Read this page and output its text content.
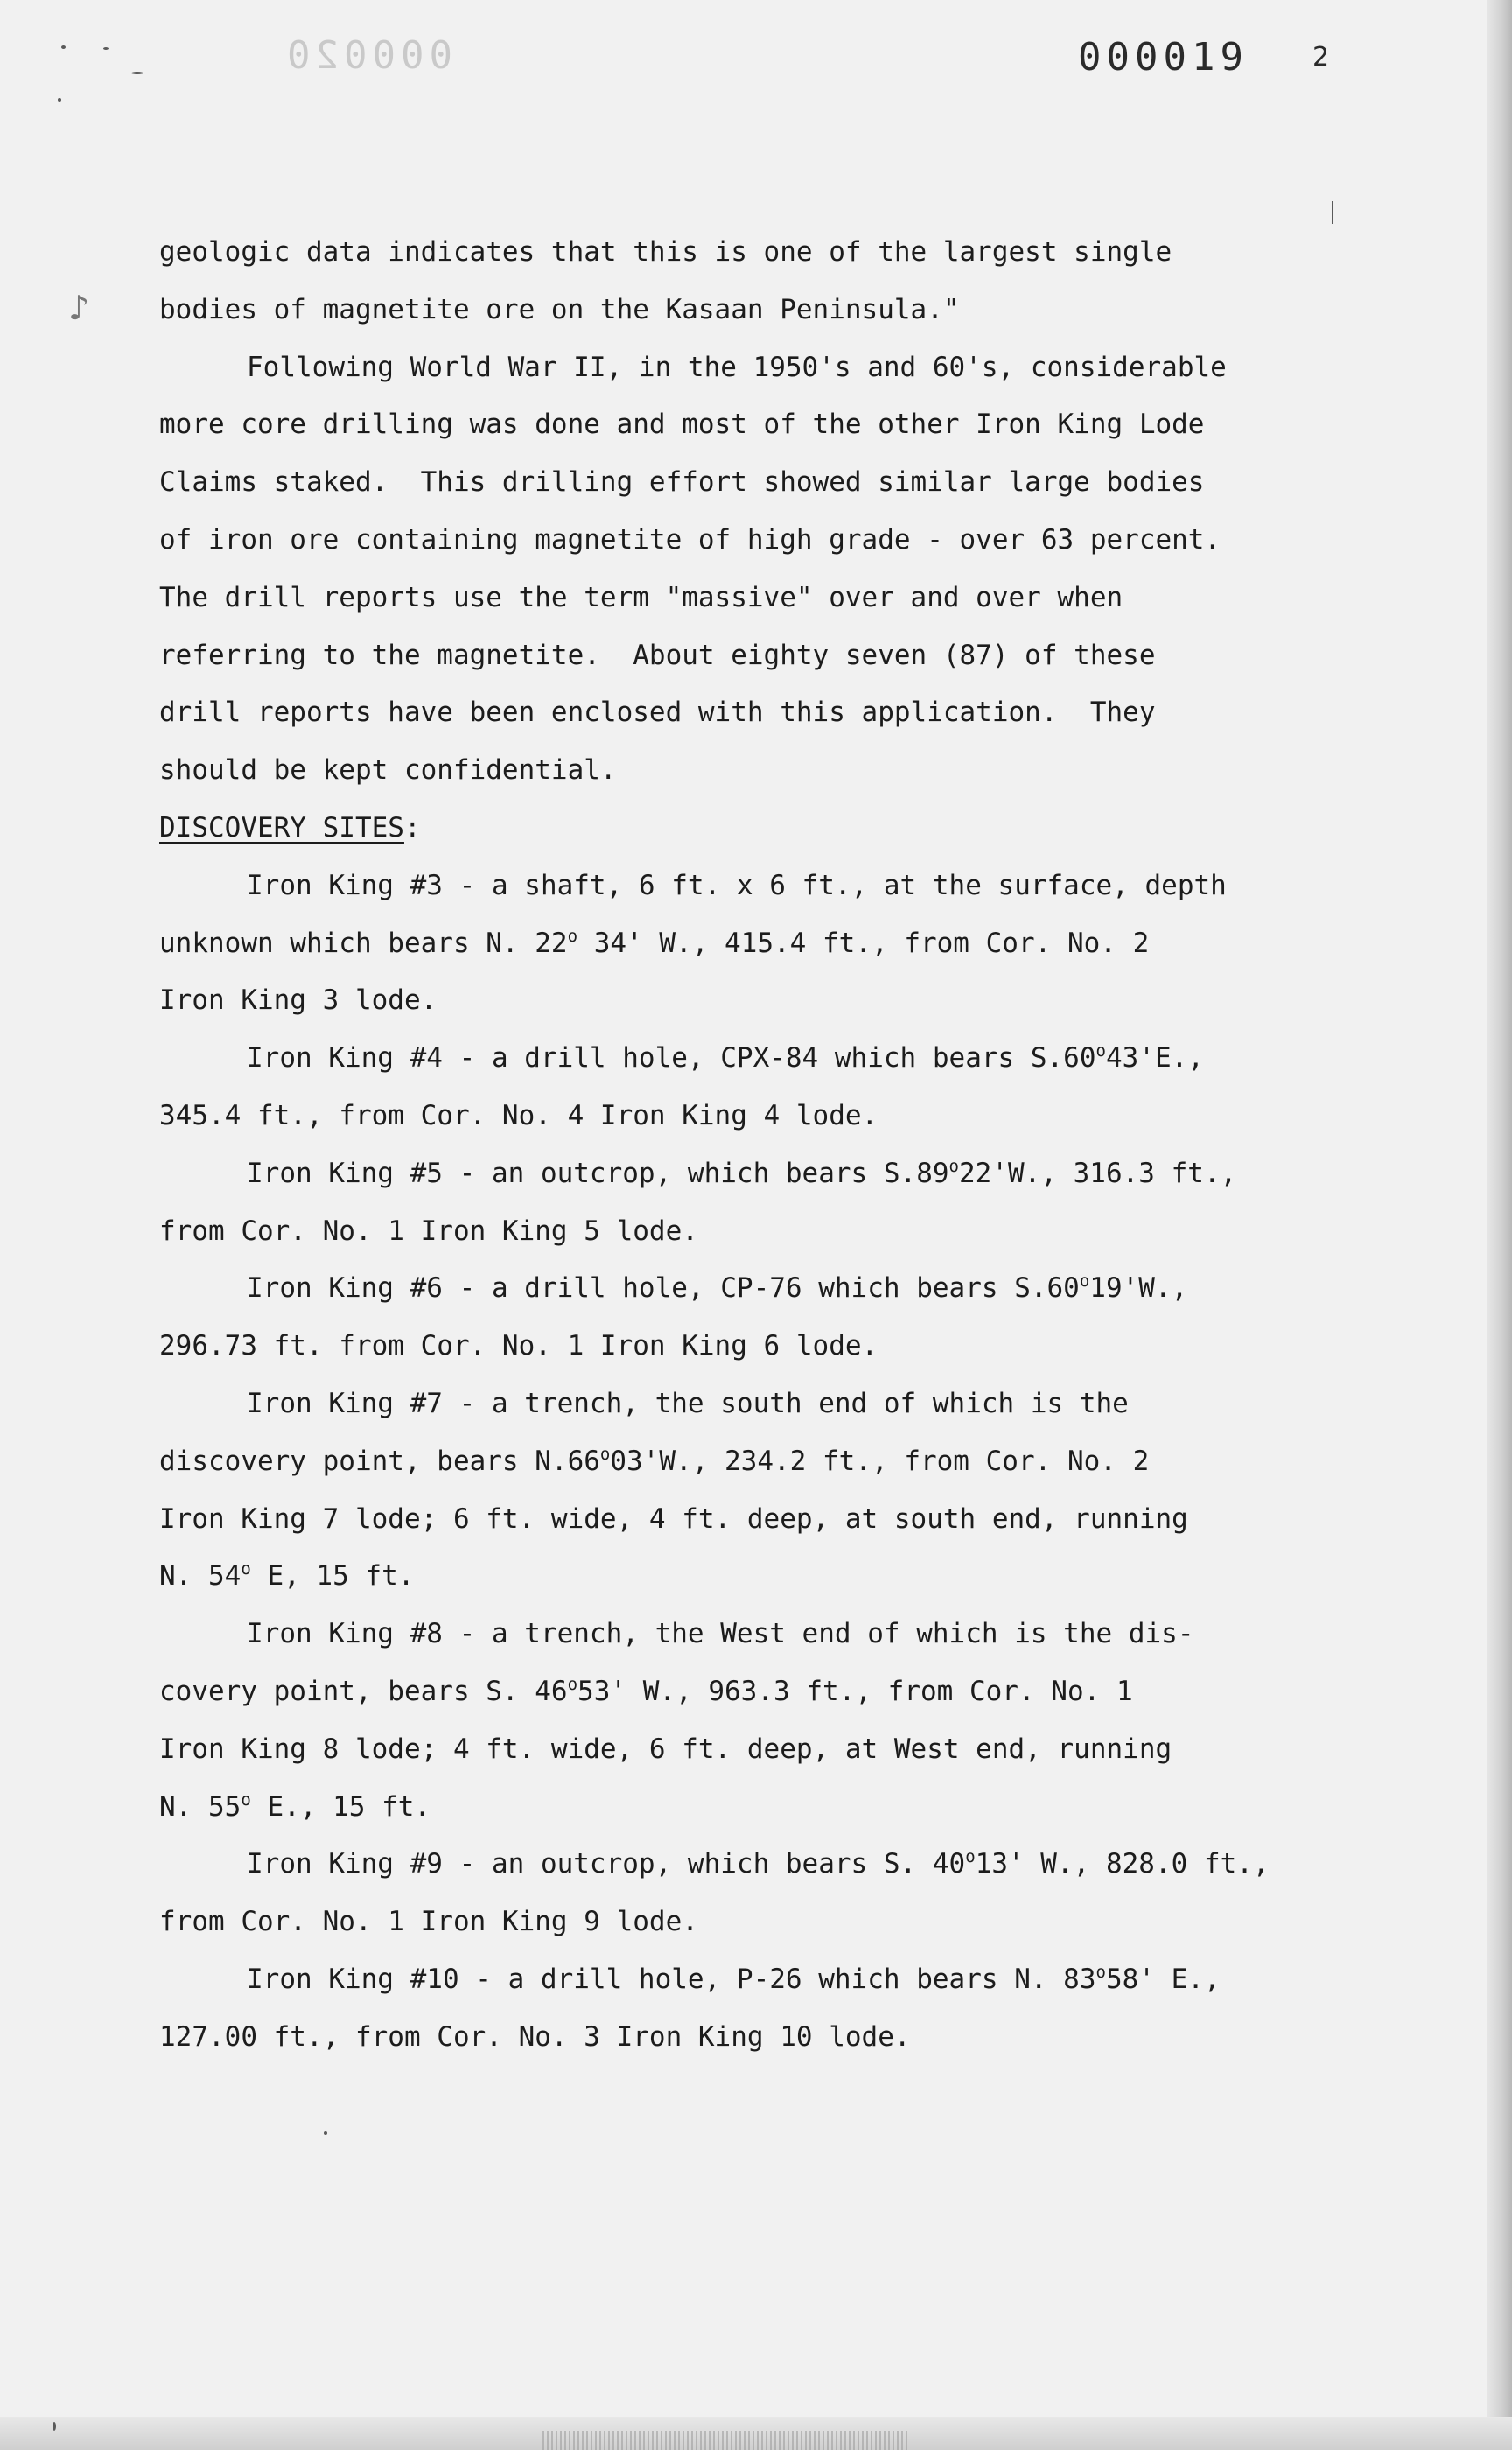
♪
000020	000019 2
geologic data indicates that this is one of the largest single
bodies of magnetite ore on the Kasaan Peninsula."
Following World War II, in the 1950's and 60's, considerable
more core drilling was done and most of the other Iron King Lode
Claims staked.  This drilling effort showed similar large bodies
of iron ore containing magnetite of high grade - over 63 percent.
The drill reports use the term "massive" over and over when
referring to the magnetite.  About eighty seven (87) of these
drill reports have been enclosed with this application.  They
should be kept confidential.
DISCOVERY SITES:
Iron King #3 - a shaft, 6 ft. x 6 ft., at the surface, depth
unknown which bears N. 22$^o$ 34' W., 415.4 ft., from Cor. No. 2
Iron King 3 lode.
Iron King #4 - a drill hole, CPX-84 which bears S.60$^o$43'E.,
345.4 ft., from Cor. No. 4 Iron King 4 lode.
Iron King #5 - an outcrop, which bears S.89$^o$22'W., 316.3 ft.,
from Cor. No. 1 Iron King 5 lode.
Iron King #6 - a drill hole, CP-76 which bears S.60$^o$19'W.,
296.73 ft. from Cor. No. 1 Iron King 6 lode.
Iron King #7 - a trench, the south end of which is the
discovery point, bears N.66$^o$03'W., 234.2 ft., from Cor. No. 2
Iron King 7 lode; 6 ft. wide, 4 ft. deep, at south end, running
N. 54$^o$ E, 15 ft.
Iron King #8 - a trench, the West end of which is the dis-
covery point, bears S. 46$^o$53' W., 963.3 ft., from Cor. No. 1
Iron King 8 lode; 4 ft. wide, 6 ft. deep, at West end, running
N. 55$^o$ E., 15 ft.
Iron King #9 - an outcrop, which bears S. 40$^o$13' W., 828.0 ft.,
from Cor. No. 1 Iron King 9 lode.
Iron King #10 - a drill hole, P-26 which bears N. 83$^o$58' E.,
127.00 ft., from Cor. No. 3 Iron King 10 lode.
